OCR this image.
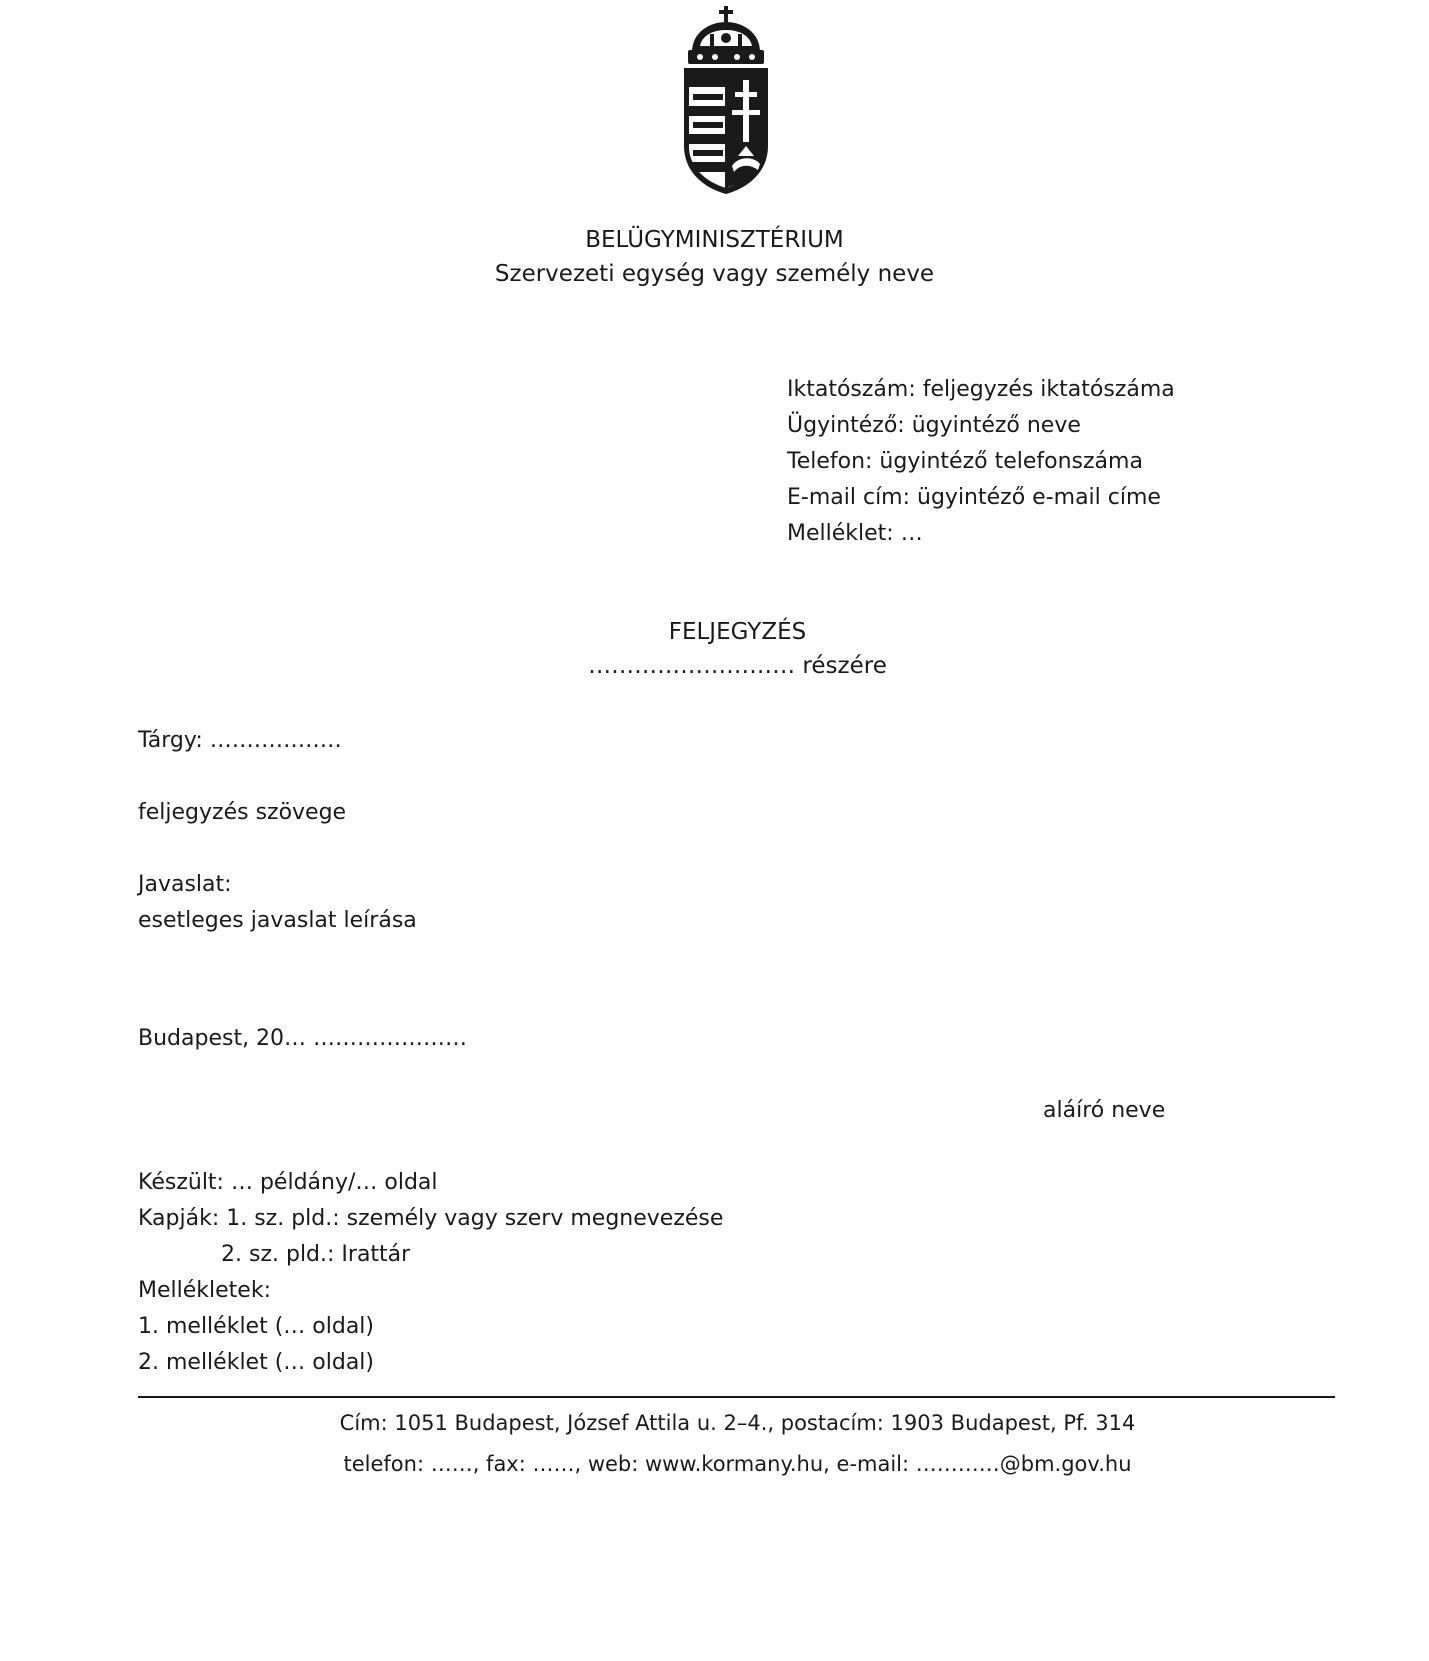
BELÜGYMINISZTÉRIUM
Szervezeti egység vagy személy neve
Iktatószám: feljegyzés iktatószáma
Ügyintéző: ügyintéző neve
Telefon: ügyintéző telefonszáma
E-mail cím: ügyintéző e-mail címe
Melléklet: …
FELJEGYZÉS
……………………… részére
Tárgy: ………………
feljegyzés szövege
Javaslat:
esetleges javaslat leírása
Budapest, 20… …………………
aláíró neve
Készült: … példány/… oldal
Kapják: 1. sz. pld.: személy vagy szerv megnevezése
2. sz. pld.: Irattár
Mellékletek:
1. melléklet (… oldal)
2. melléklet (… oldal)
Cím: 1051 Budapest, József Attila u. 2–4., postacím: 1903 Budapest, Pf. 314
telefon: ……, fax: ……, web: www.kormany.hu, e-mail: …………@bm.gov.hu
